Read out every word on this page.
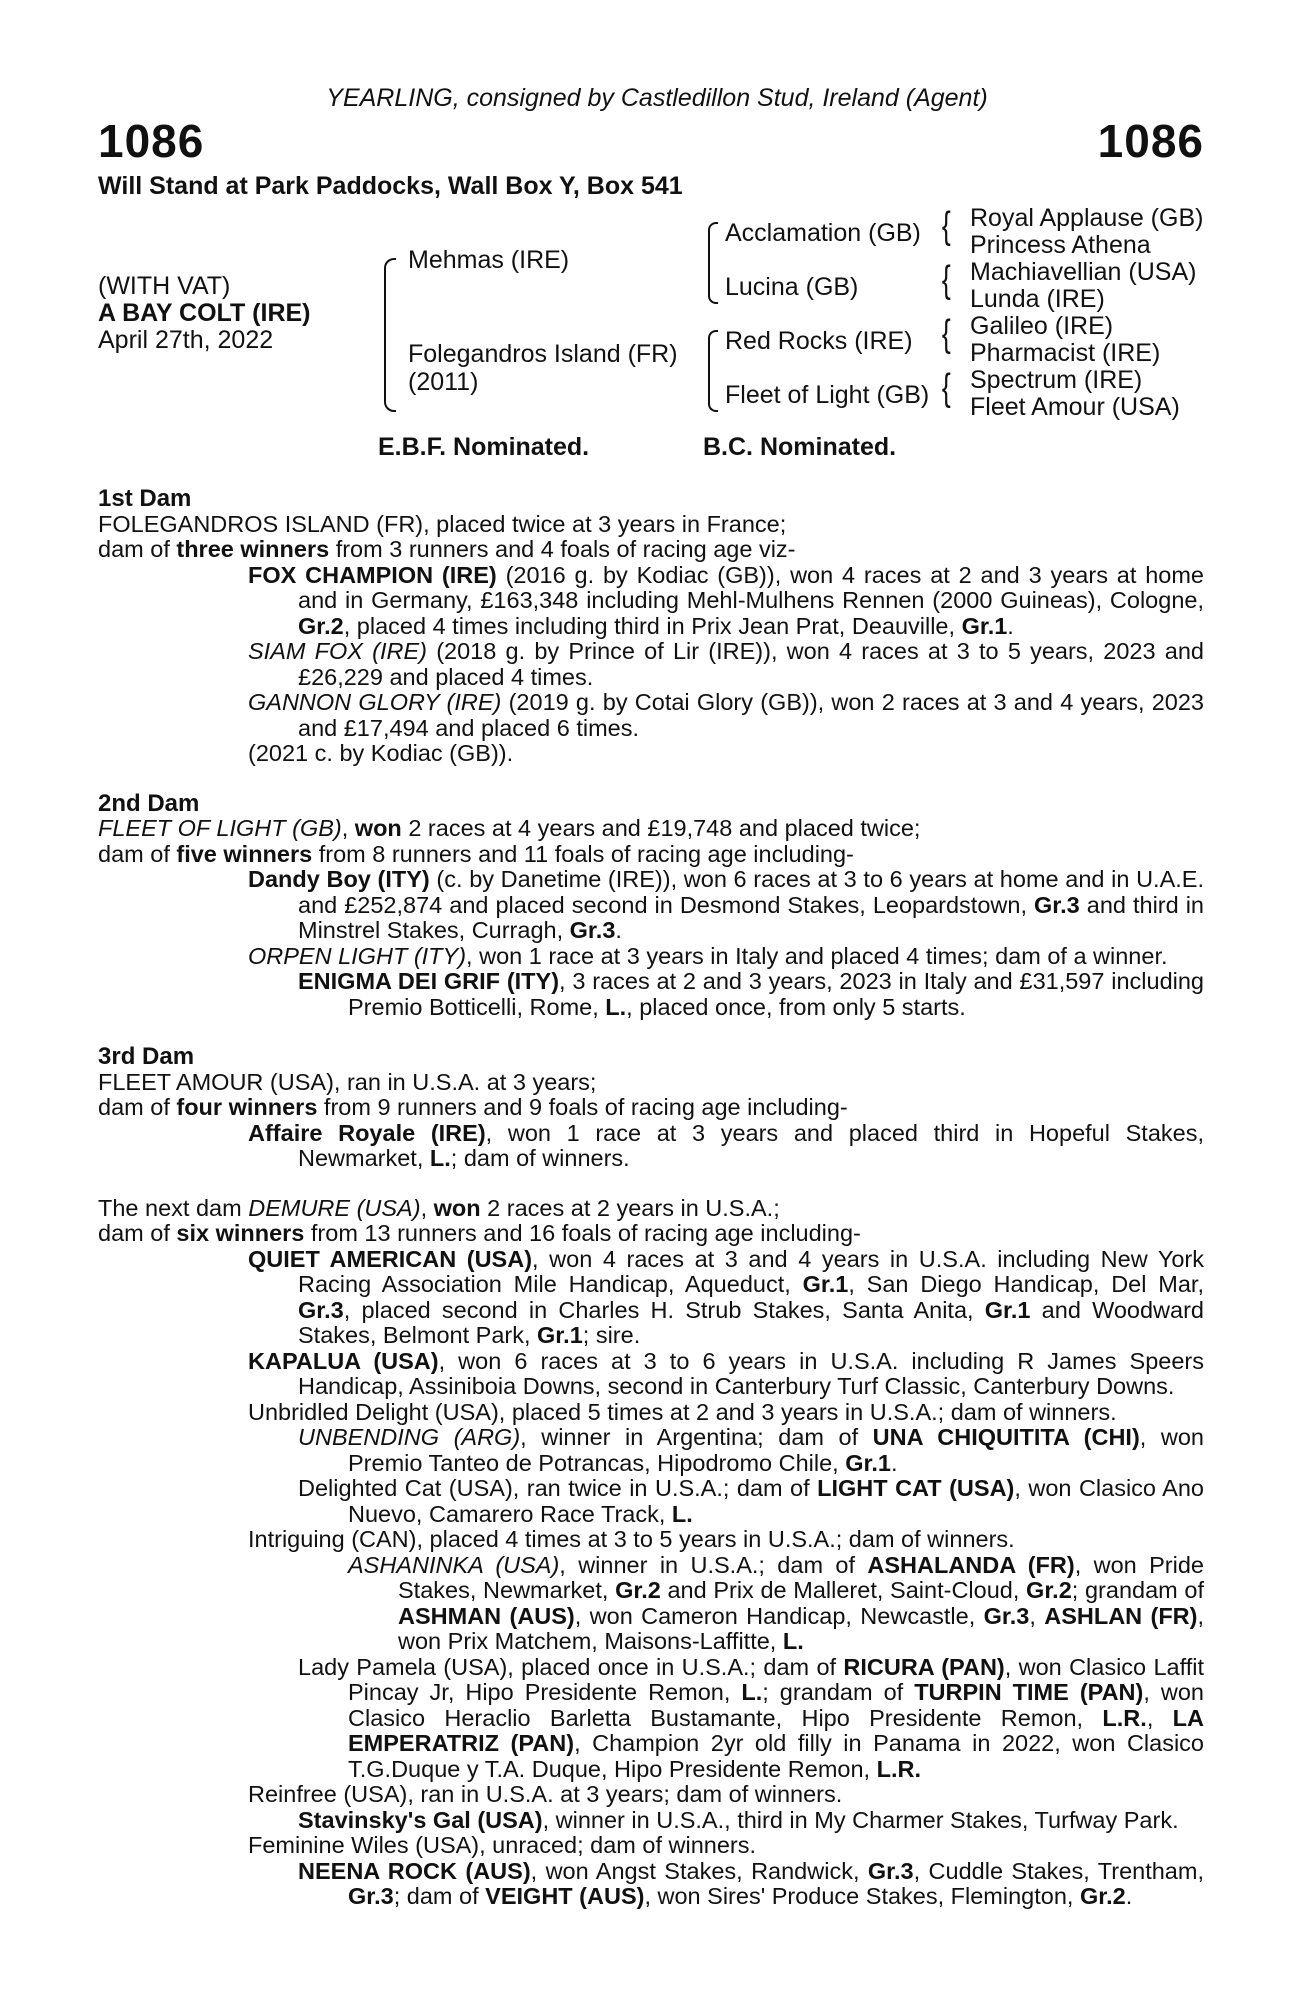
YEARLING, consigned by Castledillon Stud, Ireland (Agent)
1086	1086
Will Stand at Park Paddocks, Wall Box Y, Box 541
(WITH VAT)
A BAY COLT (IRE)
April 27th, 2022
Mehmas (IRE)
Folegandros Island (FR)
(2011)
Acclamation (GB)
Lucina (GB)
Red Rocks (IRE)
Fleet of Light (GB)
{
{
{
{
Royal Applause (GB)
Princess Athena
Machiavellian (USA)
Lunda (IRE)
Galileo (IRE)
Pharmacist (IRE)
Spectrum (IRE)
Fleet Amour (USA)
E.B.F. Nominated.	B.C. Nominated.

1st Dam

FOLEGANDROS ISLAND (FR), placed twice at 3 years in France;

dam of three winners from 3 runners and 4 foals of racing age viz-

FOX CHAMPION (IRE) (2016 g. by Kodiac (GB)), won 4 races at 2 and 3 years at home and in Germany, £163,348 including Mehl-Mulhens Rennen (2000 Guineas), Cologne, Gr.2, placed 4 times including third in Prix Jean Prat, Deauville, Gr.1.

SIAM FOX (IRE) (2018 g. by Prince of Lir (IRE)), won 4 races at 3 to 5 years, 2023 and £26,229 and placed 4 times.

GANNON GLORY (IRE) (2019 g. by Cotai Glory (GB)), won 2 races at 3 and 4 years, 2023 and £17,494 and placed 6 times.

(2021 c. by Kodiac (GB)).

2nd Dam

FLEET OF LIGHT (GB), won 2 races at 4 years and £19,748 and placed twice;

dam of five winners from 8 runners and 11 foals of racing age including-

Dandy Boy (ITY) (c. by Danetime (IRE)), won 6 races at 3 to 6 years at home and in U.A.E. and £252,874 and placed second in Desmond Stakes, Leopardstown, Gr.3 and third in Minstrel Stakes, Curragh, Gr.3.

ORPEN LIGHT (ITY), won 1 race at 3 years in Italy and placed 4 times; dam of a winner.

ENIGMA DEI GRIF (ITY), 3 races at 2 and 3 years, 2023 in Italy and £31,597 including Premio Botticelli, Rome, L., placed once, from only 5 starts.

3rd Dam

FLEET AMOUR (USA), ran in U.S.A. at 3 years;

dam of four winners from 9 runners and 9 foals of racing age including-

Affaire Royale (IRE), won 1 race at 3 years and placed third in Hopeful Stakes, Newmarket, L.; dam of winners.

The next dam DEMURE (USA), won 2 races at 2 years in U.S.A.;

dam of six winners from 13 runners and 16 foals of racing age including-

QUIET AMERICAN (USA), won 4 races at 3 and 4 years in U.S.A. including New York Racing Association Mile Handicap, Aqueduct, Gr.1, San Diego Handicap, Del Mar, Gr.3, placed second in Charles H. Strub Stakes, Santa Anita, Gr.1 and Woodward Stakes, Belmont Park, Gr.1; sire.

KAPALUA (USA), won 6 races at 3 to 6 years in U.S.A. including R James Speers Handicap, Assiniboia Downs, second in Canterbury Turf Classic, Canterbury Downs.

Unbridled Delight (USA), placed 5 times at 2 and 3 years in U.S.A.; dam of winners.

UNBENDING (ARG), winner in Argentina; dam of UNA CHIQUITITA (CHI), won Premio Tanteo de Potrancas, Hipodromo Chile, Gr.1.

Delighted Cat (USA), ran twice in U.S.A.; dam of LIGHT CAT (USA), won Clasico Ano Nuevo, Camarero Race Track, L.

Intriguing (CAN), placed 4 times at 3 to 5 years in U.S.A.; dam of winners.

ASHANINKA (USA), winner in U.S.A.; dam of ASHALANDA (FR), won Pride Stakes, Newmarket, Gr.2 and Prix de Malleret, Saint-Cloud, Gr.2; grandam of ASHMAN (AUS), won Cameron Handicap, Newcastle, Gr.3, ASHLAN (FR), won Prix Matchem, Maisons-Laffitte, L.

Lady Pamela (USA), placed once in U.S.A.; dam of RICURA (PAN), won Clasico Laffit Pincay Jr, Hipo Presidente Remon, L.; grandam of TURPIN TIME (PAN), won Clasico Heraclio Barletta Bustamante, Hipo Presidente Remon, L.R., LA EMPERATRIZ (PAN), Champion 2yr old filly in Panama in 2022, won Clasico T.G.Duque y T.A. Duque, Hipo Presidente Remon, L.R.

Reinfree (USA), ran in U.S.A. at 3 years; dam of winners.

Stavinsky's Gal (USA), winner in U.S.A., third in My Charmer Stakes, Turfway Park.

Feminine Wiles (USA), unraced; dam of winners.

NEENA ROCK (AUS), won Angst Stakes, Randwick, Gr.3, Cuddle Stakes, Trentham, Gr.3; dam of VEIGHT (AUS), won Sires' Produce Stakes, Flemington, Gr.2.
